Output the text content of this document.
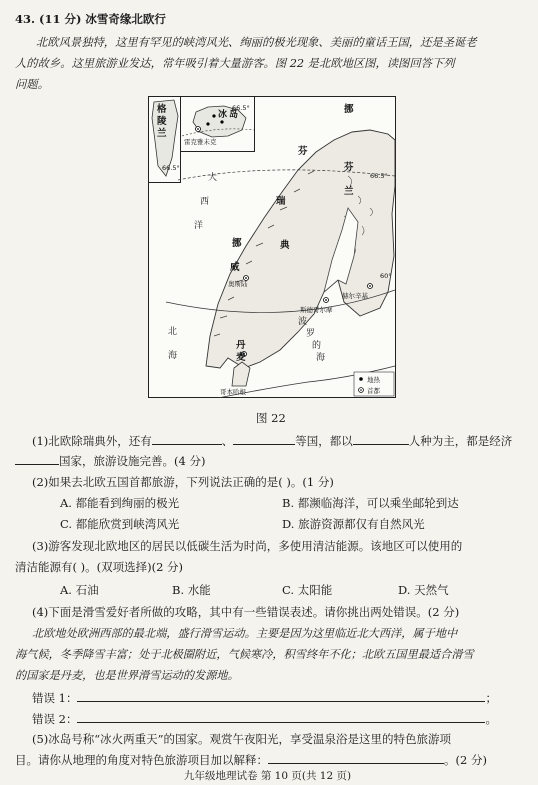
43. (11 分) 冰雪奇缘北欧行
北欧风景独特，这里有罕见的峡湾风光、绚丽的极光现象、美丽的童话王国，还是圣诞老
人的故乡。这里旅游业发达，常年吸引着大量游客。图 22 是北欧地区图，读图回答下列
问题。
格
陵
兰
冰 岛
芬
挪
芬
兰
瑞
典
挪
威
丹
麦
大
西
洋
北
海
波
罗
的
海
雷克雅未克
奥斯陆
斯德哥尔摩
赫尔辛基
哥本哈根
66.5°
66.5°
66.5°
60°
地热
首都
图 22
(1)北欧除瑞典外，还有	、	等国，都以	人种为主，都是经济
国家，旅游设施完善。(4 分)
(2)如果去北欧五国首都旅游，下列说法正确的是( )。(1 分)
A. 都能看到绚丽的极光	B. 都濒临海洋，可以乘坐邮轮到达
C. 都能欣赏到峡湾风光	D. 旅游资源都仅有自然风光
(3)游客发现北欧地区的居民以低碳生活为时尚，多使用清洁能源。该地区可以使用的
清洁能源有( )。(双项选择)(2 分)
A. 石油	B. 水能	C. 太阳能	D. 天然气
(4)下面是滑雪爱好者所做的攻略，其中有一些错误表述。请你挑出两处错误。(2 分)
北欧地处欧洲西部的最北端，盛行滑雪运动。主要是因为这里临近北大西洋，属于地中
海气候，冬季降雪丰富；处于北极圈附近，气候寒冷，积雪终年不化；北欧五国里最适合滑雪
的国家是丹麦，也是世界滑雪运动的发源地。
错误 1：	；
错误 2：	。
(5)冰岛号称“冰火两重天”的国家。观赏午夜阳光，享受温泉浴是这里的特色旅游项
目。请你从地理的角度对特色旅游项目加以解释：	。(2 分)
九年级地理试卷 第 10 页(共 12 页)
